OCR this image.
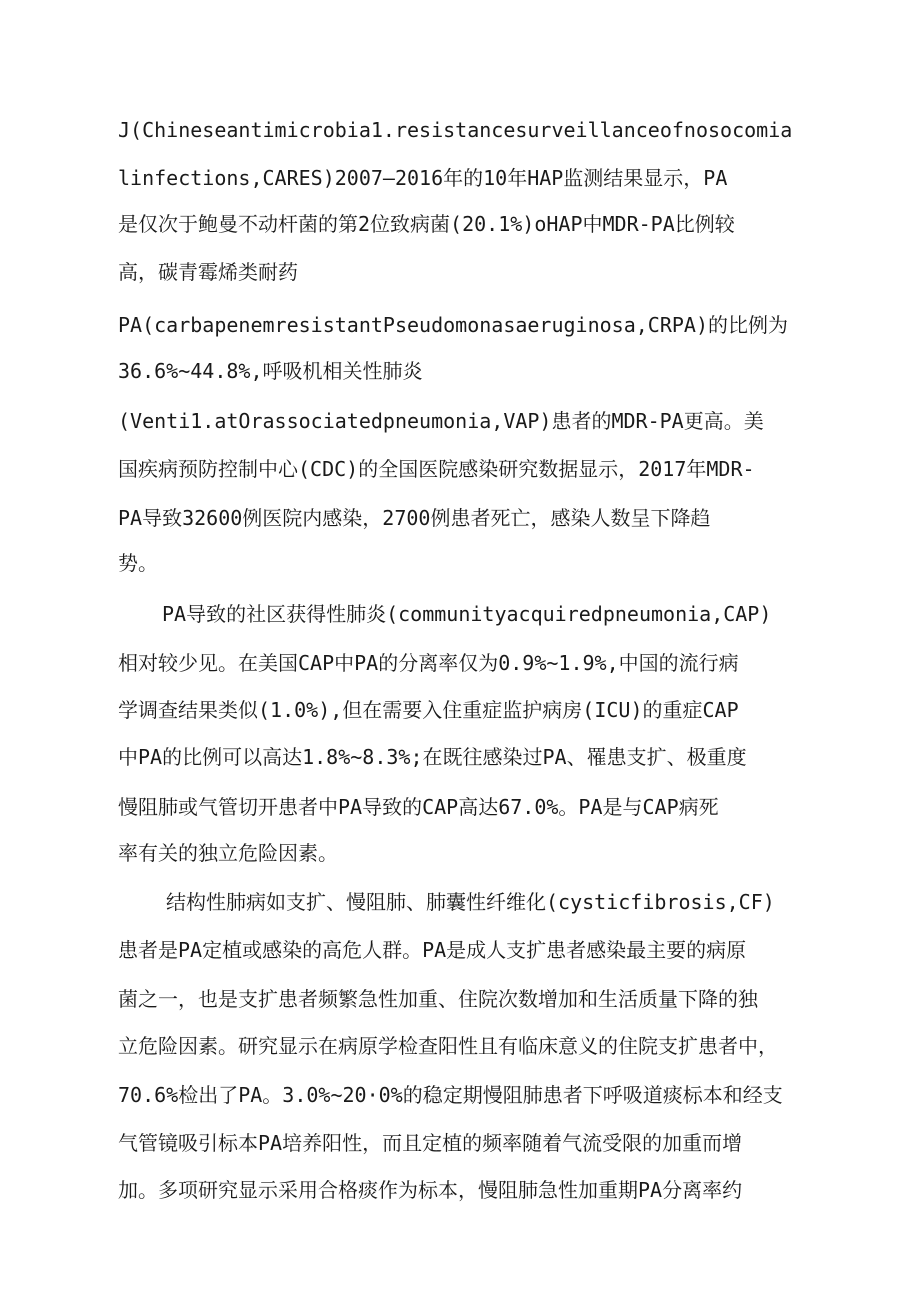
J(Chineseantimicrobia1.resistancesurveillanceofnosocomia

linfections,CARES)2007—2016年的10年HAP监测结果显示，PA

是仅次于鲍曼不动杆菌的第2位致病菌(20.1%)oHAP中MDR-PA比例较

高，碳青霉烯类耐药

PA(carbapenemresistantPseudomonasaeruginosa,CRPA)的比例为

36.6%~44.8%,呼吸机相关性肺炎

(Venti1.atOrassociatedpneumonia,VAP)患者的MDR-PA更高。美

国疾病预防控制中心(CDC)的全国医院感染研究数据显示，2017年MDR-

PA导致32600例医院内感染，2700例患者死亡，感染人数呈下降趋

势。

PA导致的社区获得性肺炎(communityacquiredpneumonia,CAP)

相对较少见。在美国CAP中PA的分离率仅为0.9%~1.9%,中国的流行病

学调查结果类似(1.0%),但在需要入住重症监护病房(ICU)的重症CAP

中PA的比例可以高达1.8%~8.3%;在既往感染过PA、罹患支扩、极重度

慢阻肺或气管切开患者中PA导致的CAP高达67.0%。PA是与CAP病死

率有关的独立危险因素。

结构性肺病如支扩、慢阻肺、肺囊性纤维化(cysticfibrosis,CF)

患者是PA定植或感染的高危人群。PA是成人支扩患者感染最主要的病原

菌之一，也是支扩患者频繁急性加重、住院次数增加和生活质量下降的独

立危险因素。研究显示在病原学检查阳性且有临床意义的住院支扩患者中，

70.6%检出了PA。3.0%~20·0%的稳定期慢阻肺患者下呼吸道痰标本和经支

气管镜吸引标本PA培养阳性，而且定植的频率随着气流受限的加重而增

加。多项研究显示采用合格痰作为标本，慢阻肺急性加重期PA分离率约
